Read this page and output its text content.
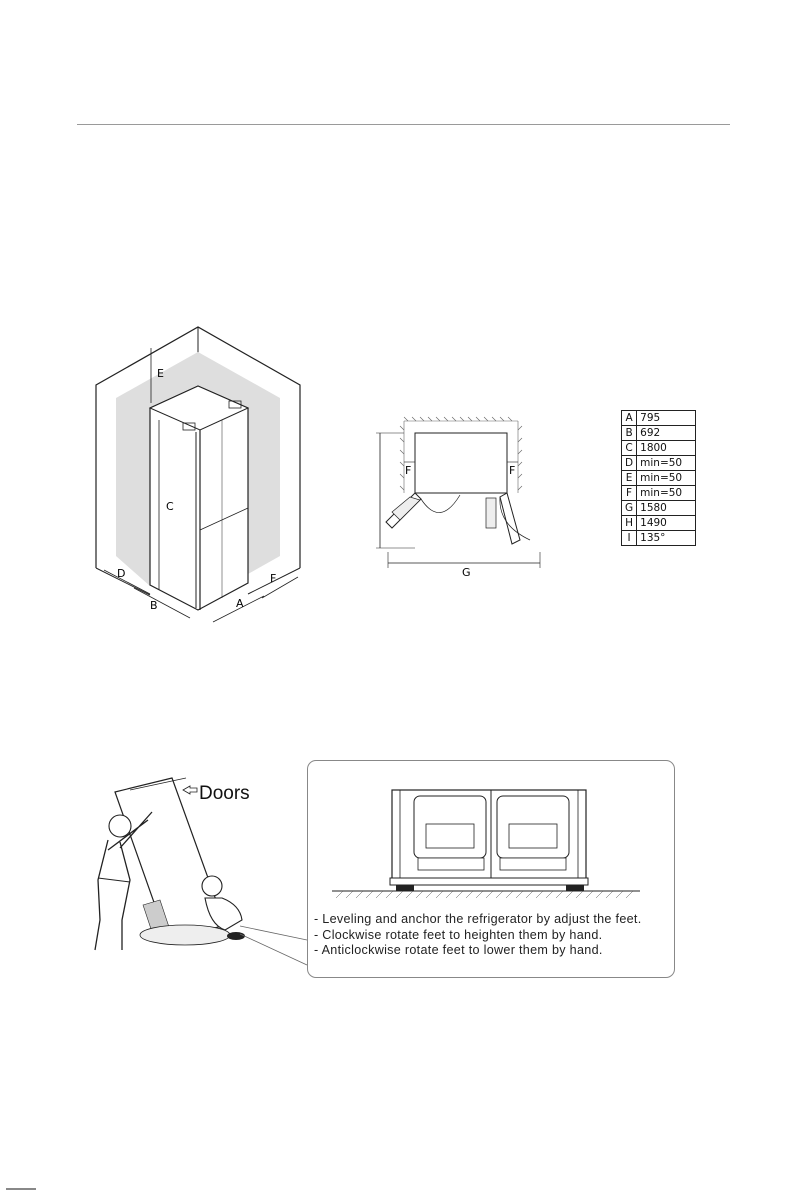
E
C
D
B	A
F
F	F
G
A	795
B	692
C	1800
D	min=50
E	min=50
F	min=50
G	1580
H	1490
I	135°
Doors
- Leveling and anchor the refrigerator by adjust the feet.
- Clockwise rotate feet to heighten them by hand.
- Anticlockwise rotate feet to lower them by hand.
